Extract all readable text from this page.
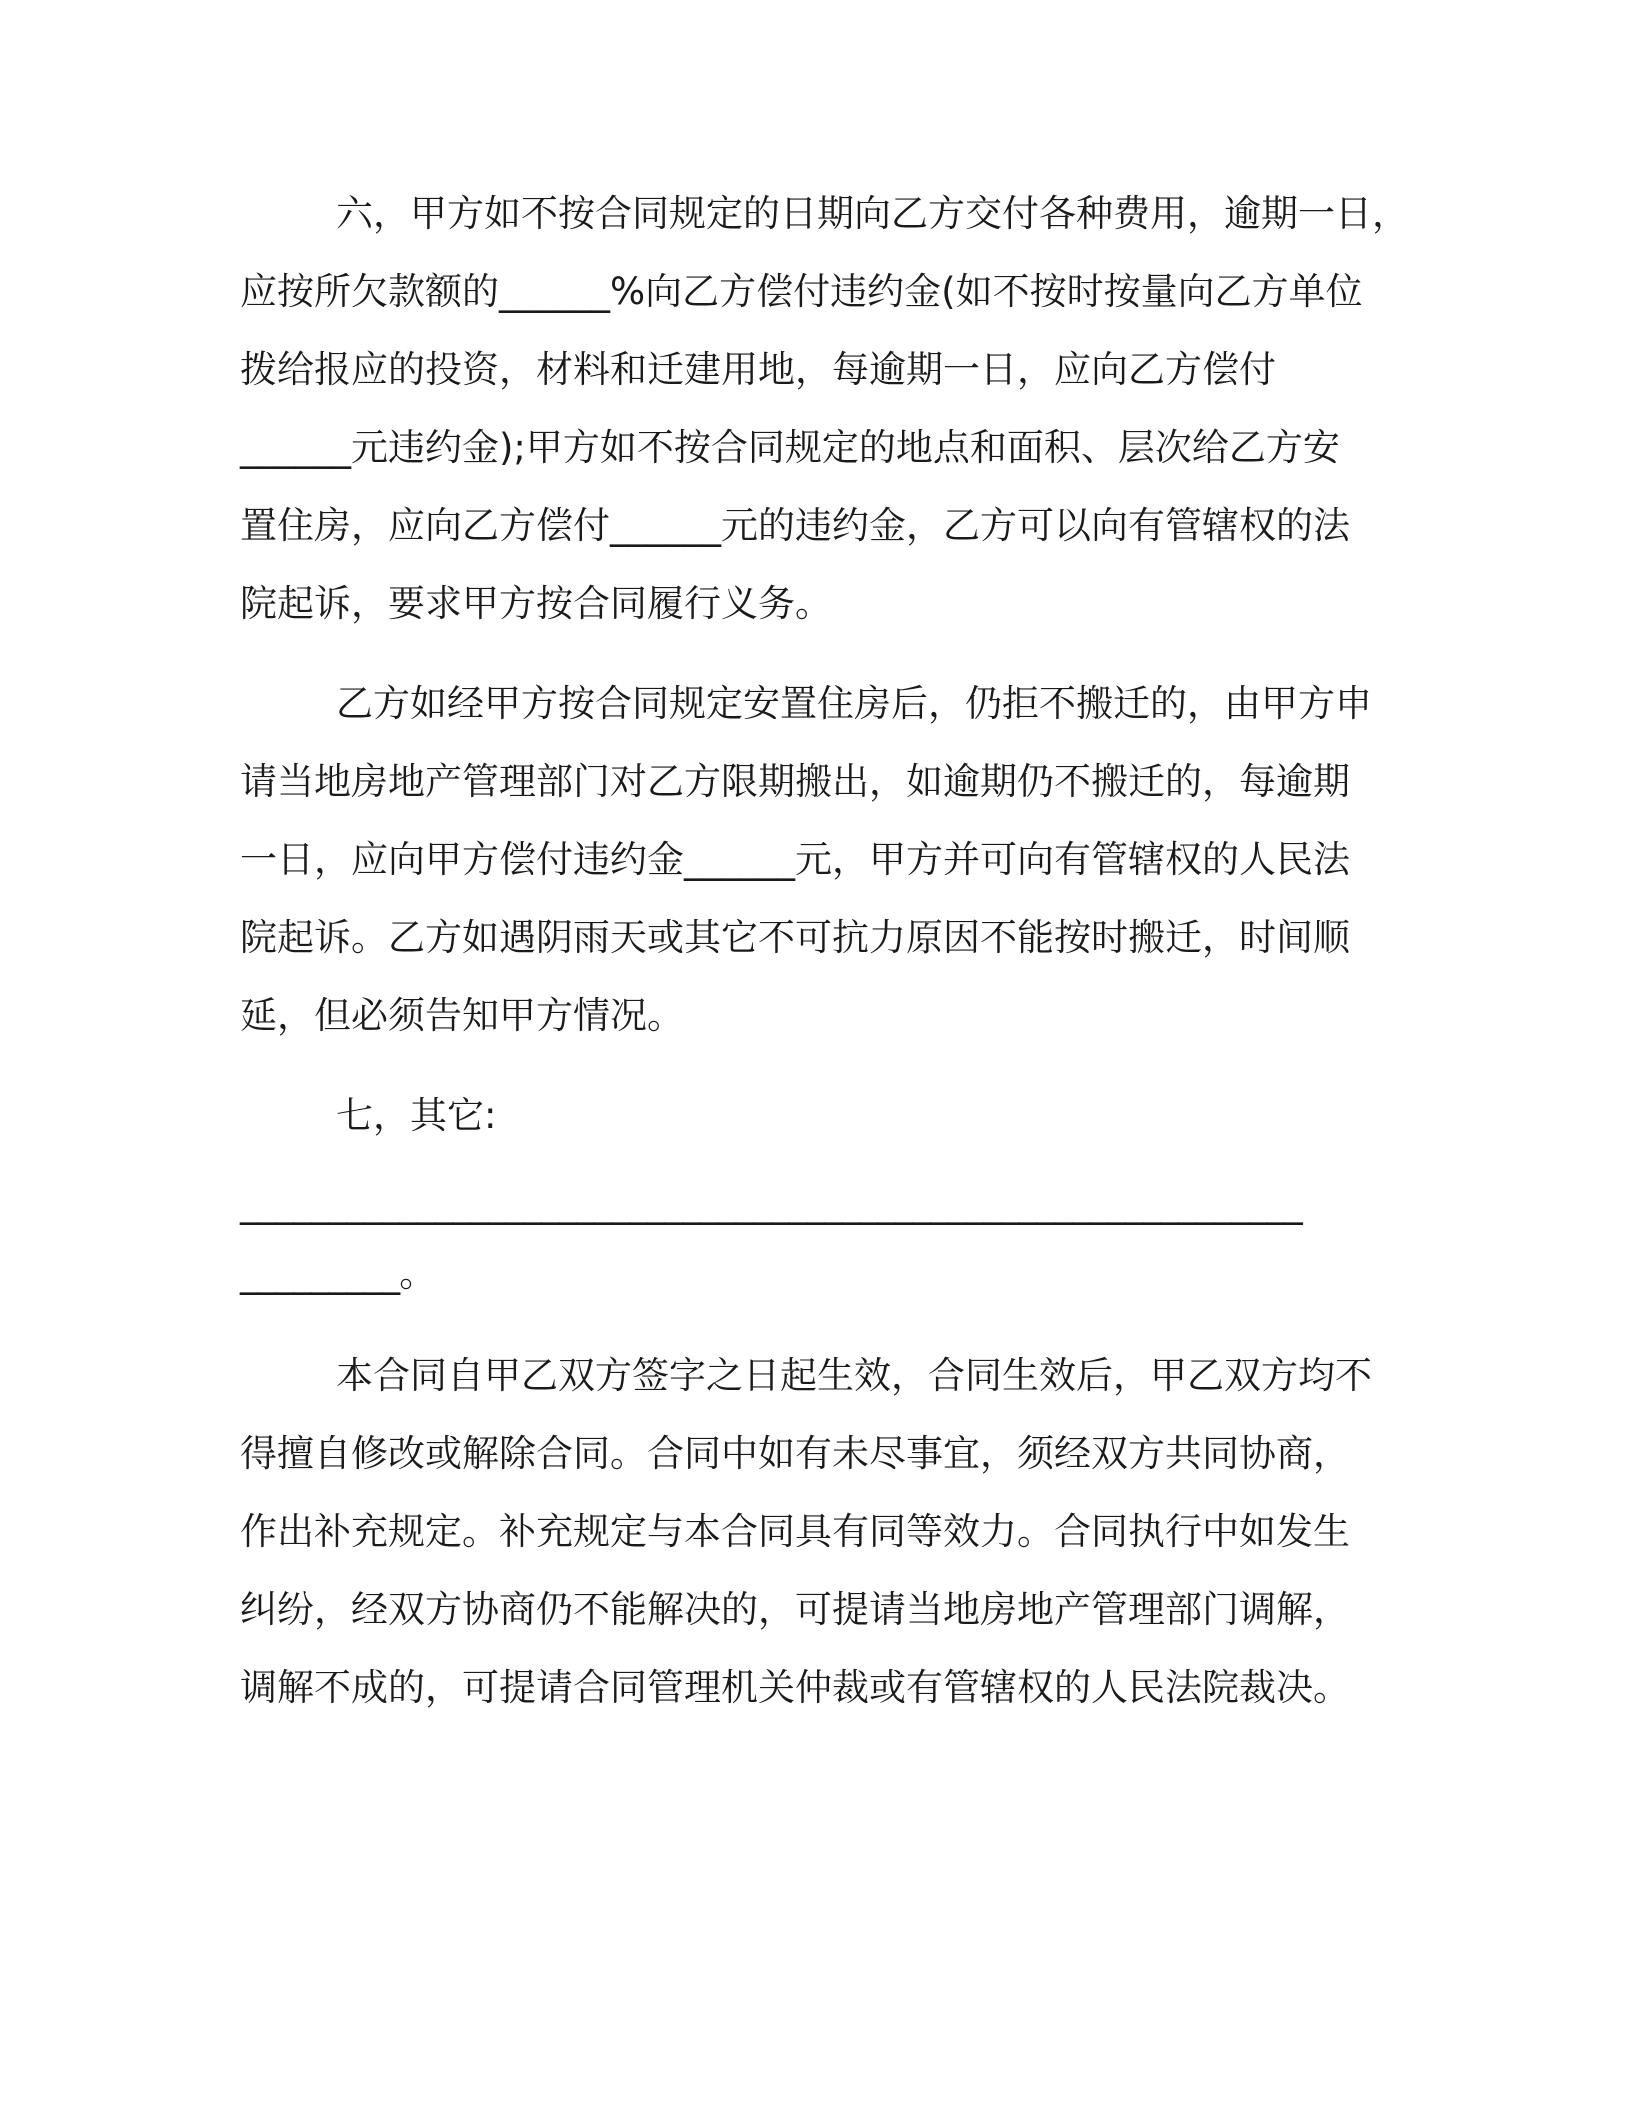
六，甲方如不按合同规定的日期向乙方交付各种费用，逾期一日，
应按所欠款额的______%向乙方偿付违约金(如不按时按量向乙方单位
拨给报应的投资，材料和迁建用地，每逾期一日，应向乙方偿付
______元违约金);甲方如不按合同规定的地点和面积、层次给乙方安
置住房，应向乙方偿付______元的违约金，乙方可以向有管辖权的法
院起诉，要求甲方按合同履行义务。
乙方如经甲方按合同规定安置住房后，仍拒不搬迁的，由甲方申
请当地房地产管理部门对乙方限期搬出，如逾期仍不搬迁的，每逾期
一日，应向甲方偿付违约金______元，甲方并可向有管辖权的人民法
院起诉。乙方如遇阴雨天或其它不可抗力原因不能按时搬迁，时间顺
延，但必须告知甲方情况。
七，其它:
____________________________________________________________
_________。
本合同自甲乙双方签字之日起生效，合同生效后，甲乙双方均不
得擅自修改或解除合同。合同中如有未尽事宜，须经双方共同协商，
作出补充规定。补充规定与本合同具有同等效力。合同执行中如发生
纠纷，经双方协商仍不能解决的，可提请当地房地产管理部门调解，
调解不成的，可提请合同管理机关仲裁或有管辖权的人民法院裁决。
